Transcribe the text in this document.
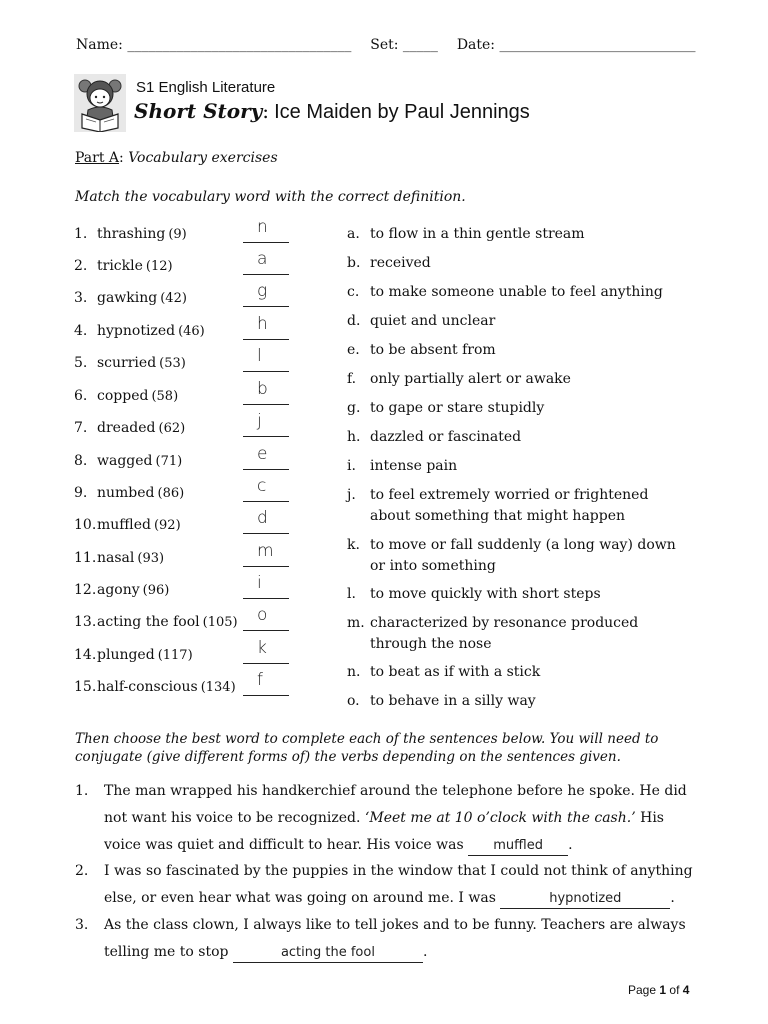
Name: ________________________________ Set: _____ Date: ____________________________
S1 English Literature
Short Story: Ice Maiden by Paul Jennings
Part A: Vocabulary exercises
Match the vocabulary word with the correct definition.
1. thrashing (9)	n
2. trickle (12)	a
3. gawking (42)	g
4. hypnotized (46)	h
5. scurried (53)	l
6. copped (58)	b
7. dreaded (62)	j
8. wagged (71)	e
9. numbed (86)	c
10.muffled (92)	d
11.nasal (93)	m
12.agony (96)	i
13.acting the fool (105) o
14.plunged (117)	k
15.half-conscious (134) f
a. to flow in a thin gentle stream
b. received
c. to make someone unable to feel anything
d. quiet and unclear
e. to be absent from
f. only partially alert or awake
g. to gape or stare stupidly
h. dazzled or fascinated
i. intense pain
j. to feel extremely worried or frightened about something that might happen
k. to move or fall suddenly (a long way) down or into something
l. to move quickly with short steps
m. characterized by resonance produced through the nose
n. to beat as if with a stick
o. to behave in a silly way
Then choose the best word to complete each of the sentences below. You will need to conjugate (give different forms of) the verbs depending on the sentences given.
1. The man wrapped his handkerchief around the telephone before he spoke. He did not want his voice to be recognized. ‘Meet me at 10 o’clock with the cash.’ His voice was quiet and difficult to hear. His voice was muffled .
2. I was so fascinated by the puppies in the window that I could not think of anything else, or even hear what was going on around me. I was	hypnotized	.
3. As the class clown, I always like to tell jokes and to be funny. Teachers are always telling me to stop	acting the fool	.
Page 1 of 4
